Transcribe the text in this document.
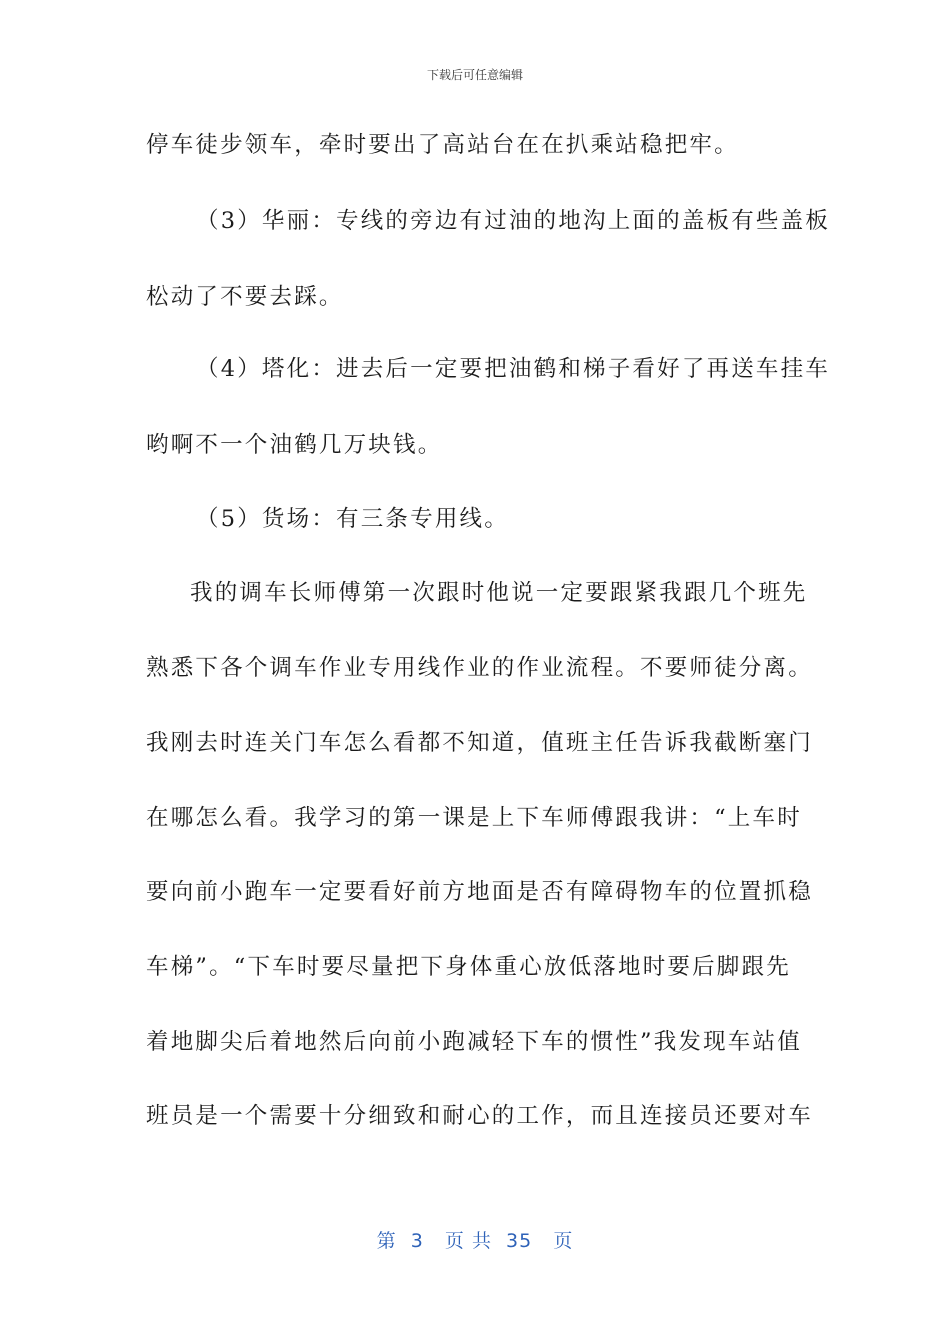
下载后可任意编辑
停车徒步领车，牵时要出了高站台在在扒乘站稳把牢。
（3）华丽：专线的旁边有过油的地沟上面的盖板有些盖板
松动了不要去踩。
（4）塔化：进去后一定要把油鹤和梯子看好了再送车挂车
哟啊不一个油鹤几万块钱。
（5）货场：有三条专用线。
我的调车长师傅第一次跟时他说一定要跟紧我跟几个班先
熟悉下各个调车作业专用线作业的作业流程。不要师徒分离。
我刚去时连关门车怎么看都不知道，值班主任告诉我截断塞门
在哪怎么看。我学习的第一课是上下车师傅跟我讲：“上车时
要向前小跑车一定要看好前方地面是否有障碍物车的位置抓稳
车梯”。“下车时要尽量把下身体重心放低落地时要后脚跟先
着地脚尖后着地然后向前小跑减轻下车的惯性”我发现车站值
班员是一个需要十分细致和耐心的工作，而且连接员还要对车
第  3   页 共  35   页
